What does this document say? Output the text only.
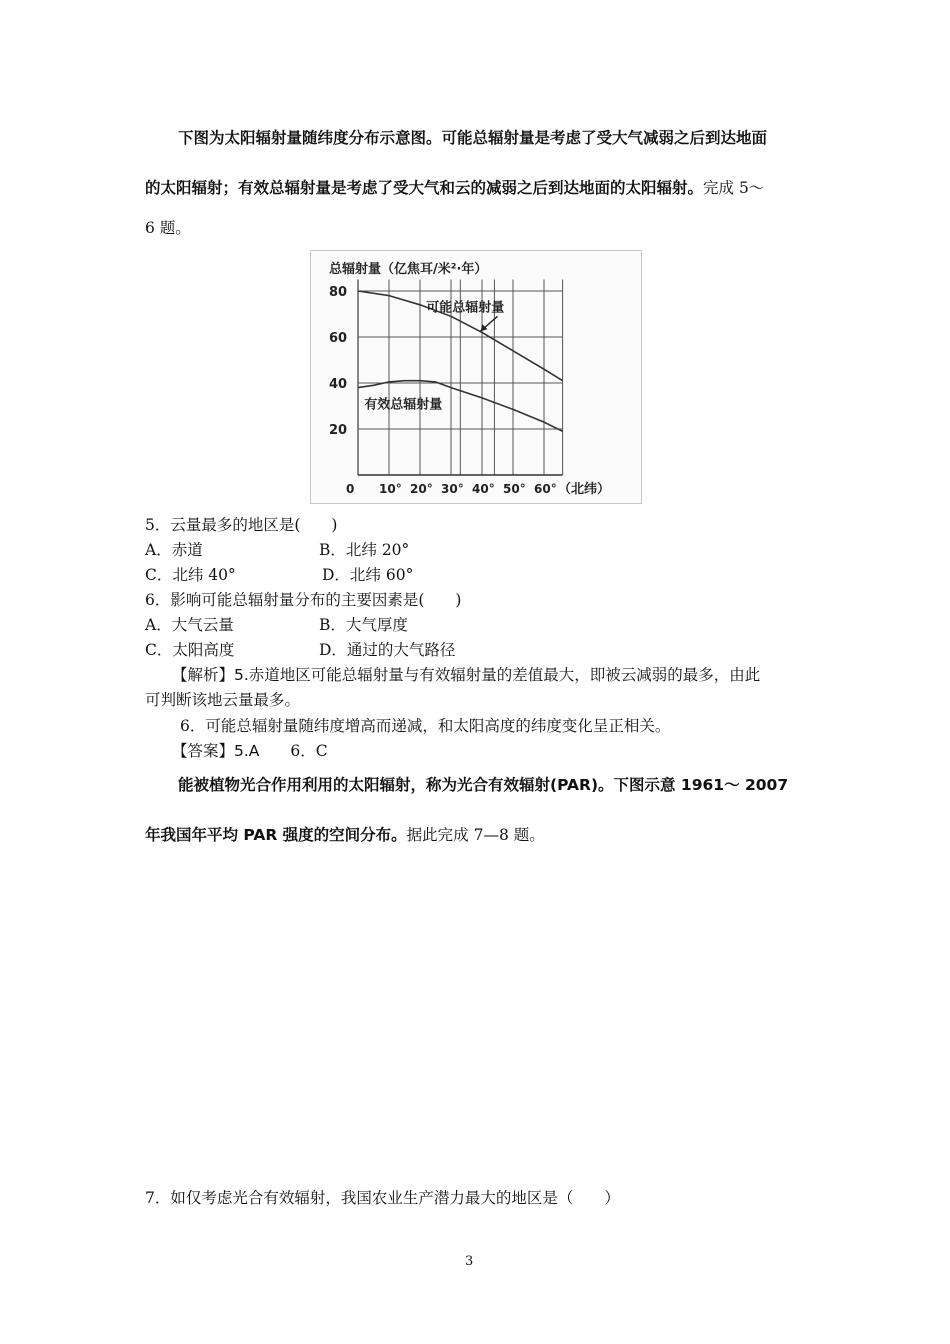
下图为太阳辐射量随纬度分布示意图。可能总辐射量是考虑了受大气减弱之后到达地面
的太阳辐射；有效总辐射量是考虑了受大气和云的减弱之后到达地面的太阳辐射。完成 5～
6 题。
总辐射量（亿焦耳/米²·年）
20
40
60
80
0 10° 20° 30° 40° 50° 60° （北纬）
可能总辐射量
有效总辐射量
5．云量最多的地区是(　　)
A．赤道	B．北纬 20°
C．北纬 40°	D．北纬 60°
6．影响可能总辐射量分布的主要因素是(　　)
A．大气云量	B．大气厚度
C．太阳高度	D．通过的大气路径
【解析】5.赤道地区可能总辐射量与有效辐射量的差值最大，即被云减弱的最多，由此
可判断该地云量最多。
6．可能总辐射量随纬度增高而递减，和太阳高度的纬度变化呈正相关。
【答案】5.A　　6．C
能被植物光合作用利用的太阳辐射，称为光合有效辐射(PAR)。下图示意 1961～ 2007
年我国年平均 PAR 强度的空间分布。据此完成 7—8 题。
7．如仅考虑光合有效辐射，我国农业生产潜力最大的地区是（　　）
3
